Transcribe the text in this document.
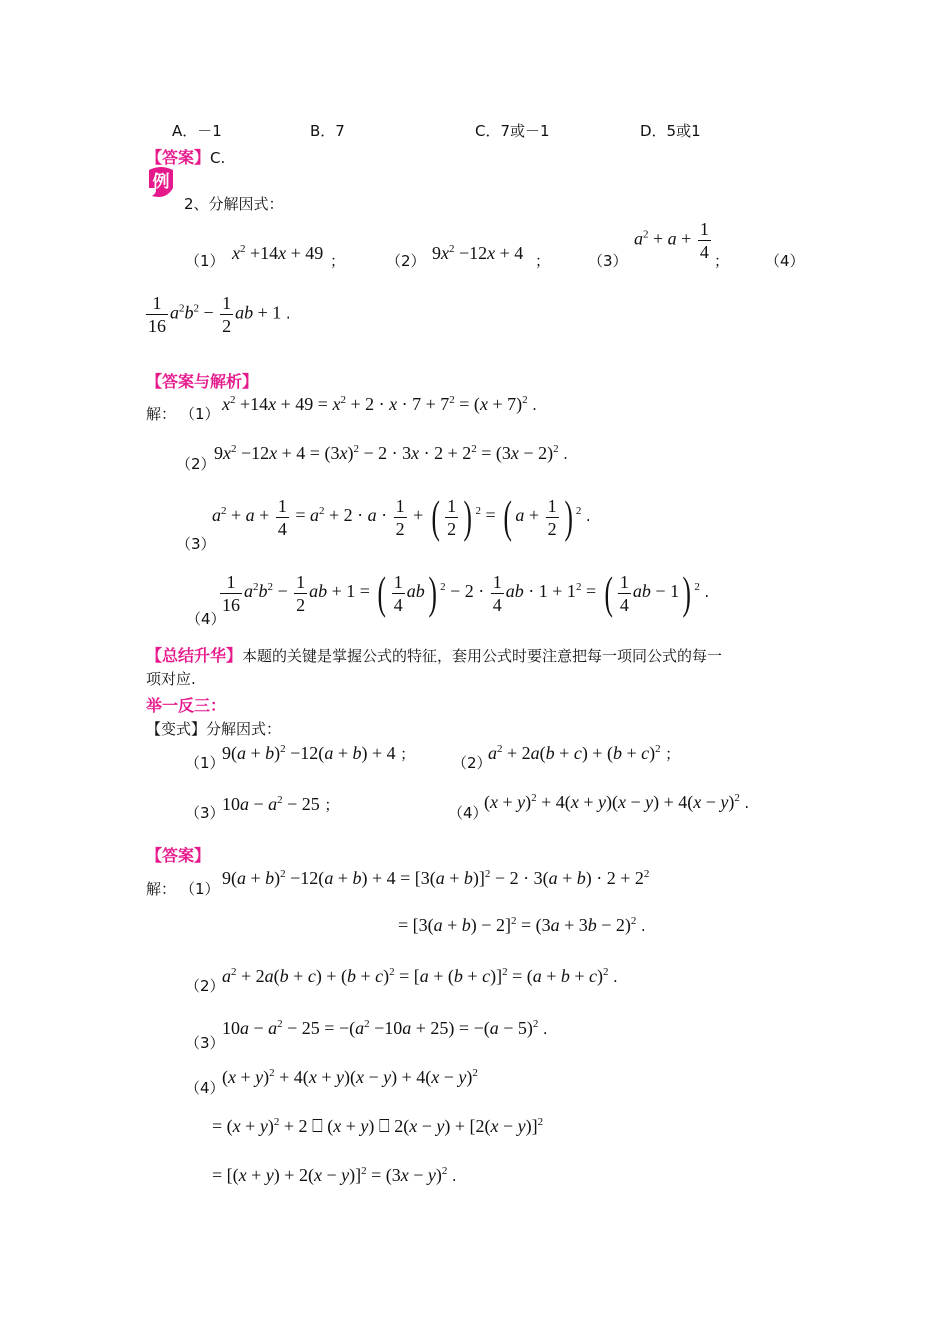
A．－1	B．7	C．7或－1	D．5或1
【答案】C.
例
2、分解因式：
（1） $x^2 +14x + 49$ ；	（2） $9x^2 -12x + 4$ ；	（3）
$a^2 + a + \frac{1}{4}$ ； （4）
$\frac{1}{16} a^2b^2 - \frac{1}{2}$ ab + 1 .
【答案与解析】
解： （1） $x^2 +14x + 49 = x^2 + 2 \cdot x \cdot 7 + 7^2 = (x + 7)^2$ .
（2）
$9x^2 -12x + 4 = (3x)^2 - 2 \cdot 3x \cdot 2 + 2^2 = (3x - 2)^2$ .
（3）
$a^2 + a + \frac{1}{4} = a^2 + 2 \cdot a \cdot \frac{1}{2}$ + ( $\frac{1}{2}$ ) $^2$ = ( $a + \frac{1}{2}$ ) $^2$ .
（4）
$\frac{1}{16} a^2b^2 - \frac{1}{2}$ ab + 1 = ( $\frac{1}{4} ab$) $^2 - 2 \cdot \frac{1}{4}$ ab · $1 + 1^2$ = ( $\frac{1}{4}$ ab − 1) $^2$ .
【总结升华】本题的关键是掌握公式的特征，套用公式时要注意把每一项同公式的每一
项对应.
举一反三：
【变式】分解因式：
（1）
$9(a + b)^2 -12(a + b) + 4$ ； （2）
$a^2 + 2a(b + c) + (b + c)^2$ ；
（3）
$10a - a^2 - 25$ ；	（4）
$(x + y)^2 + 4(x + y)(x - y) + 4(x - y)^2$ .
【答案】
解： （1）
$9(a + b)^2 -12(a + b) + 4 = [3(a + b)]^2 - 2 \cdot 3(a + b) \cdot 2 + 2^2$
= $[3(a + b) - 2]^2 = (3a + 3b - 2)^2$ .
（2）
$a^2 + 2a(b + c) + (b + c)^2 = [a + (b + c)]^2 = (a + b + c)^2$ .
（3）
$10a - a^2 - 25 = -(a^2 -10a + 25) = -(a - 5)^2$ .
（4）
$(x + y)^2 + 4(x + y)(x - y) + 4(x - y)^2$
= $(x + y)^2 + 2$ ⎕ (x + y) ⎕ $2(x - y) + [2(x - y)]^2$
= $[(x + y) + 2(x - y)]^2 = (3x - y)^2$ .
